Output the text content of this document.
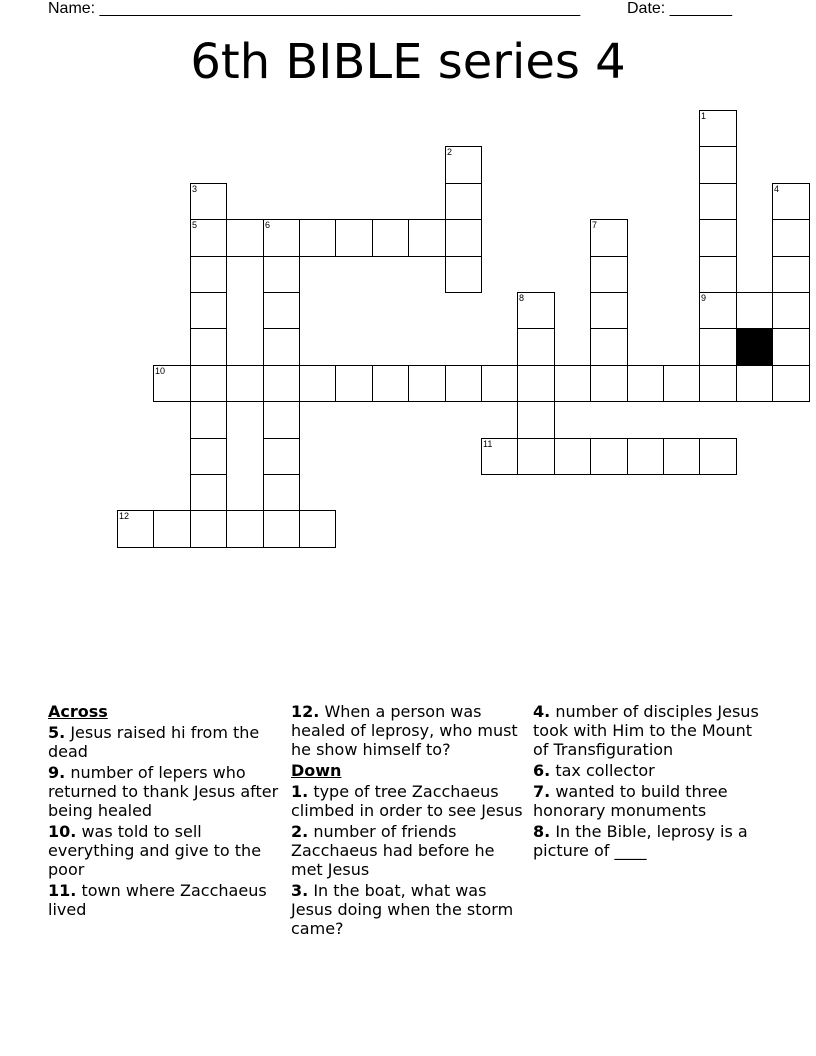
Name: ______________________________________________________	Date: _______
6th BIBLE series 4
1
9
2
4
3
5	6
8
7
10
11
12
Across
5. Jesus raised hi from the dead
9. number of lepers who returned to thank Jesus after being healed
10. was told to sell everything and give to the poor
11. town where Zacchaeus lived
12. When a person was healed of leprosy, who must he show himself to?
Down
1. type of tree Zacchaeus climbed in order to see Jesus
2. number of friends Zacchaeus had before he met Jesus
3. In the boat, what was Jesus doing when the storm came?
4. number of disciples Jesus took with Him to the Mount of Transfiguration
6. tax collector
7. wanted to build three honorary monuments
8. In the Bible, leprosy is a picture of ____
